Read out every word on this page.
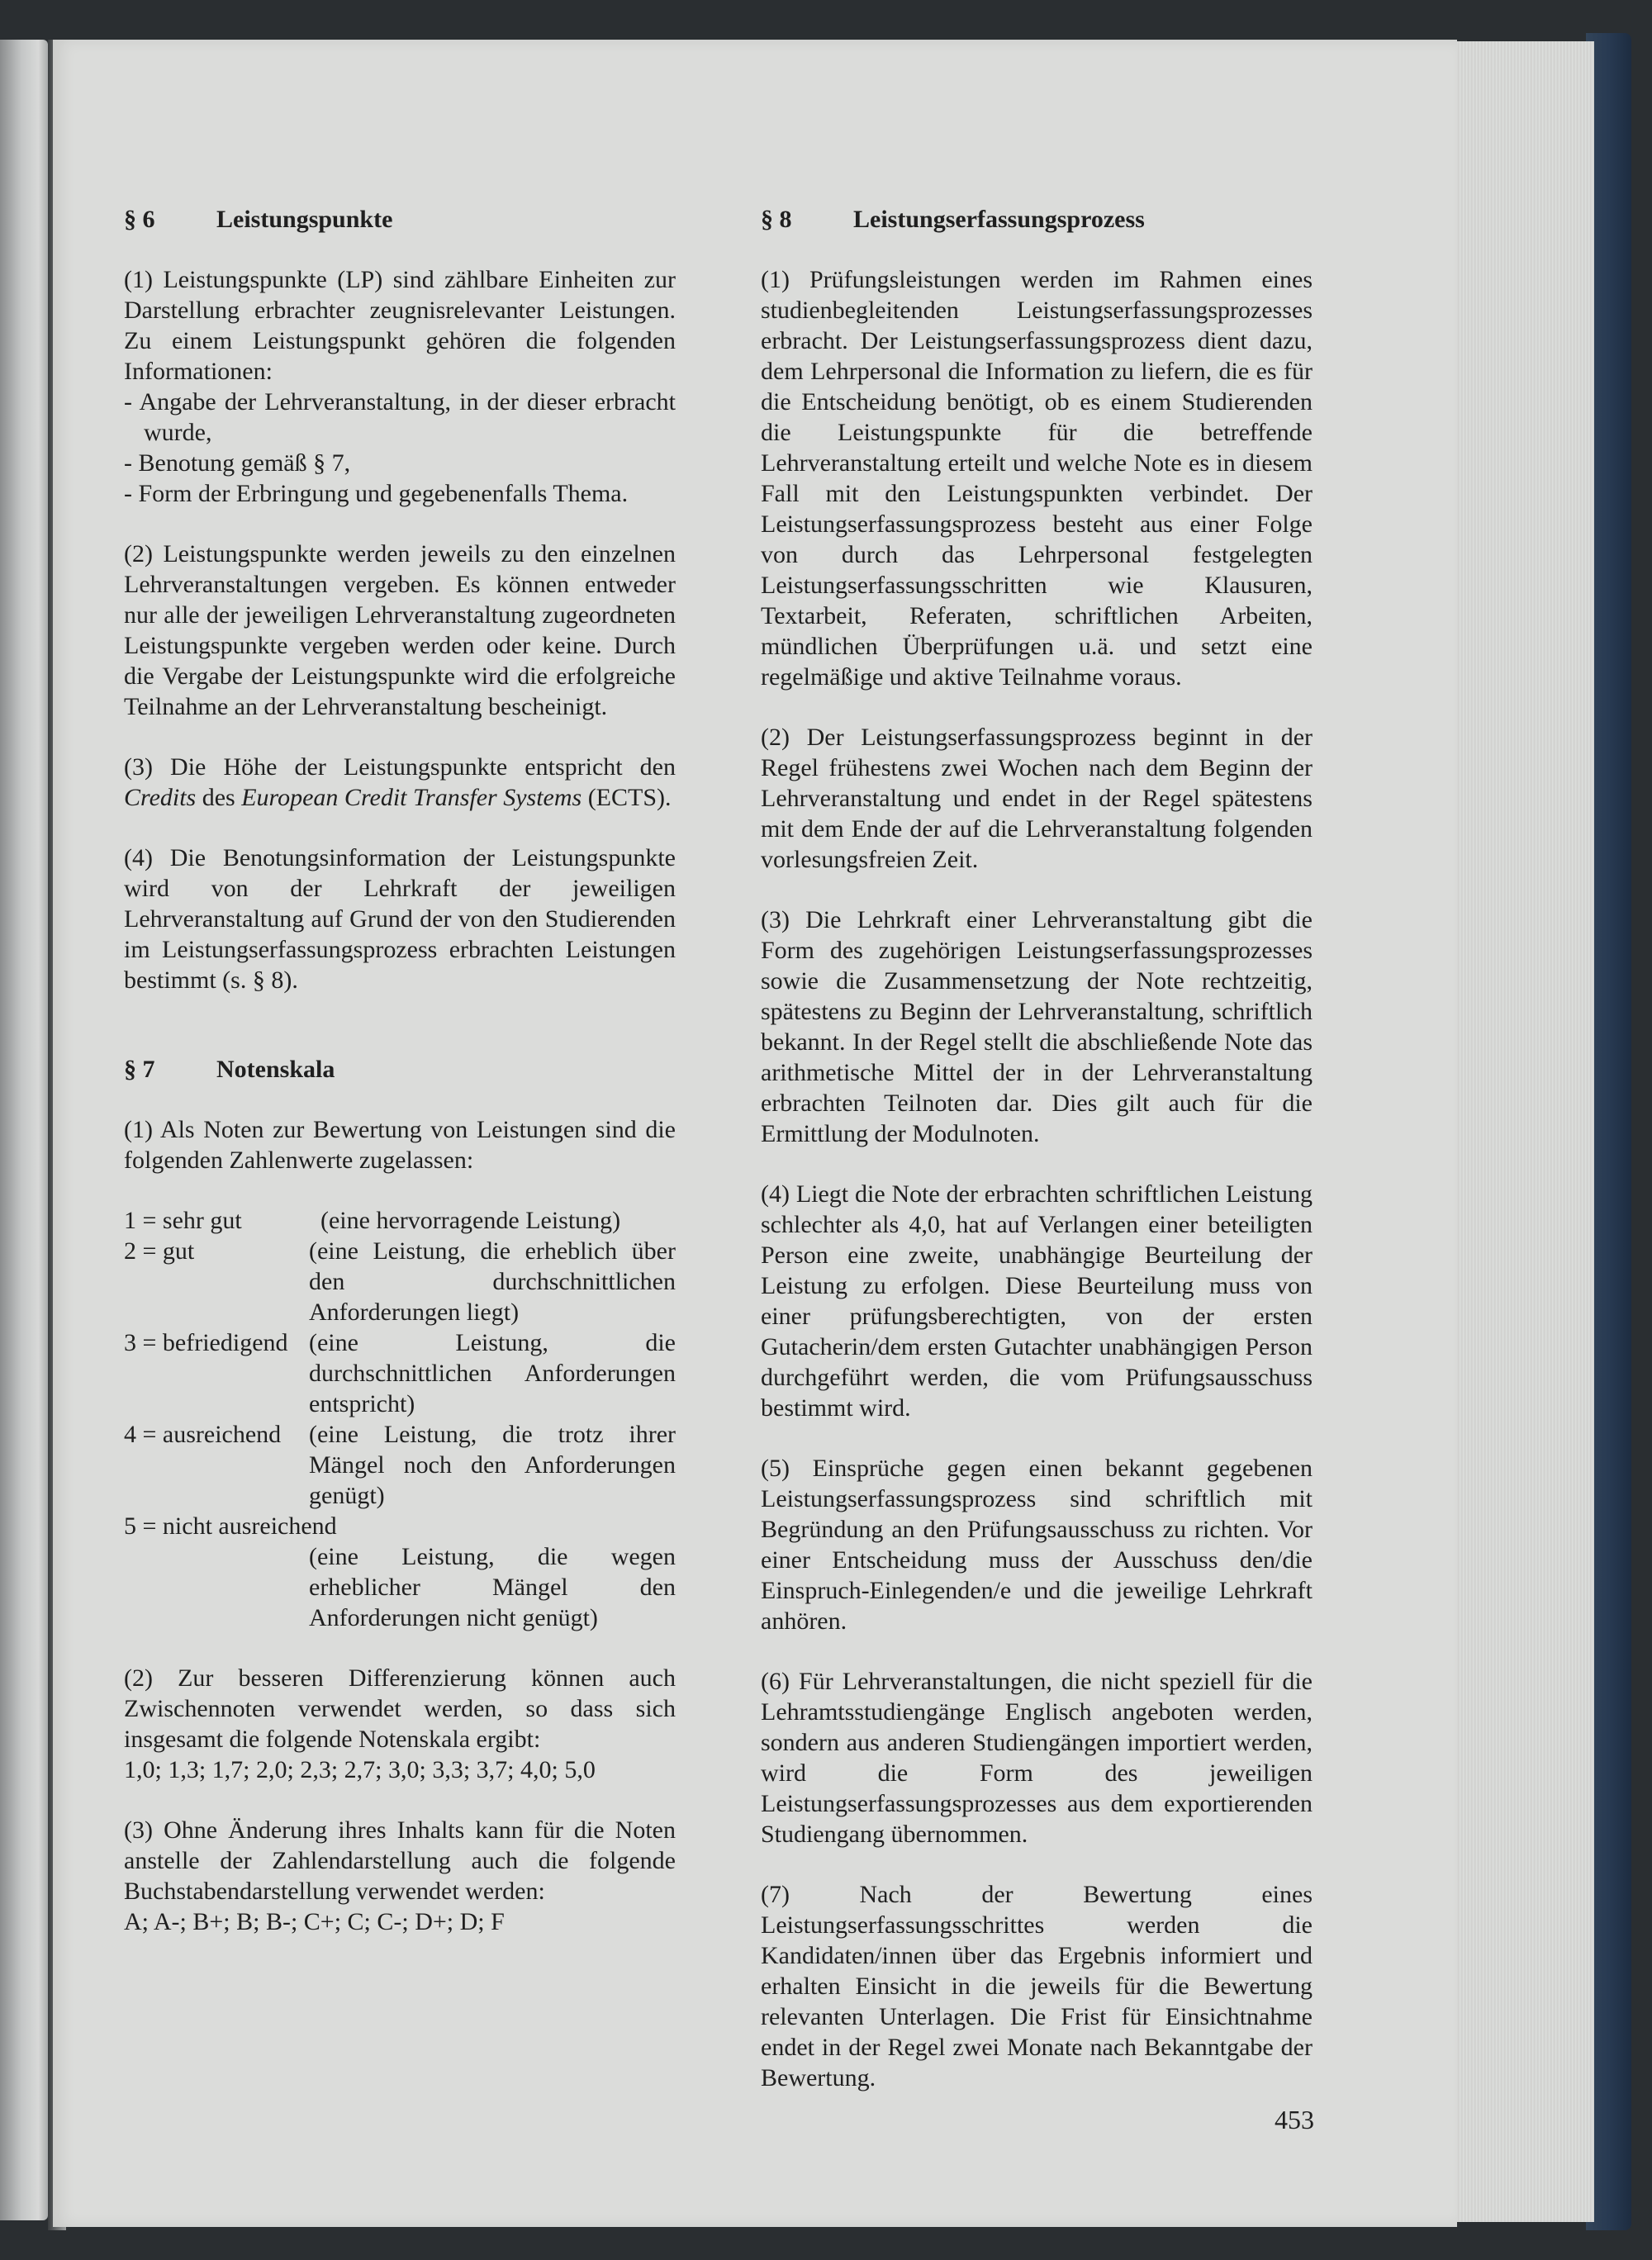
§ 6	Leistungspunkte
(1) Leistungspunkte (LP) sind zählbare Einheiten zur Darstellung erbrachter zeugnisrelevanter Leistungen. Zu einem Leistungspunkt gehören die folgenden Informationen:
- Angabe der Lehrveranstaltung, in der dieser erbracht wurde,
- Benotung gemäß § 7,
- Form der Erbringung und gegebenenfalls Thema.
(2) Leistungspunkte werden jeweils zu den einzelnen Lehrveranstaltungen vergeben. Es können entweder nur alle der jeweiligen Lehrveranstaltung zugeordneten Leistungspunkte vergeben werden oder keine. Durch die Vergabe der Leistungspunkte wird die erfolgreiche Teilnahme an der Lehrveranstaltung bescheinigt.
(3) Die Höhe der Leistungspunkte entspricht den Credits des European Credit Transfer Systems (ECTS).
(4) Die Benotungsinformation der Leistungspunkte wird von der Lehrkraft der jeweiligen Lehrveranstaltung auf Grund der von den Studierenden im Leistungserfassungsprozess erbrachten Leistungen bestimmt (s. § 8).
§ 7	Notenskala
(1) Als Noten zur Bewertung von Leistungen sind die folgenden Zahlenwerte zugelassen:
1 = sehr gut	(eine hervorragende Leistung)
2 = gut	(eine Leistung, die erheblich über den durchschnittlichen Anforderungen liegt)
3 = befriedigend (eine Leistung, die durchschnittlichen Anforderungen entspricht)
4 = ausreichend	(eine Leistung, die trotz ihrer Mängel noch den Anforderungen genügt)
5 = nicht ausreichend
(eine Leistung, die wegen erheblicher Mängel den Anforderungen nicht genügt)
(2) Zur besseren Differenzierung können auch Zwischennoten verwendet werden, so dass sich insgesamt die folgende Notenskala ergibt:
1,0; 1,3; 1,7; 2,0; 2,3; 2,7; 3,0; 3,3; 3,7; 4,0; 5,0
(3) Ohne Änderung ihres Inhalts kann für die Noten anstelle der Zahlendarstellung auch die folgende Buchstabendarstellung verwendet werden:
A; A-; B+; B; B-; C+; C; C-; D+; D; F
§ 8	Leistungserfassungsprozess
(1) Prüfungsleistungen werden im Rahmen eines studienbegleitenden Leistungserfassungsprozesses erbracht. Der Leistungserfassungsprozess dient dazu, dem Lehrpersonal die Information zu liefern, die es für die Entscheidung benötigt, ob es einem Studierenden die Leistungspunkte für die betreffende Lehrveranstaltung erteilt und welche Note es in diesem Fall mit den Leistungspunkten verbindet. Der Leistungserfassungsprozess besteht aus einer Folge von durch das Lehrpersonal festgelegten Leistungserfassungsschritten wie Klausuren, Textarbeit, Referaten, schriftlichen Arbeiten, mündlichen Überprüfungen u.ä. und setzt eine regelmäßige und aktive Teilnahme voraus.
(2) Der Leistungserfassungsprozess beginnt in der Regel frühestens zwei Wochen nach dem Beginn der Lehrveranstaltung und endet in der Regel spätestens mit dem Ende der auf die Lehrveranstaltung folgenden vorlesungsfreien Zeit.
(3) Die Lehrkraft einer Lehrveranstaltung gibt die Form des zugehörigen Leistungserfassungsprozesses sowie die Zusammensetzung der Note rechtzeitig, spätestens zu Beginn der Lehrveranstaltung, schriftlich bekannt. In der Regel stellt die abschließende Note das arithmetische Mittel der in der Lehrveranstaltung erbrachten Teilnoten dar. Dies gilt auch für die Ermittlung der Modulnoten.
(4) Liegt die Note der erbrachten schriftlichen Leistung schlechter als 4,0, hat auf Verlangen einer beteiligten Person eine zweite, unabhängige Beurteilung der Leistung zu erfolgen. Diese Beurteilung muss von einer prüfungsberechtigten, von der ersten Gutacherin/dem ersten Gutachter unabhängigen Person durchgeführt werden, die vom Prüfungsausschuss bestimmt wird.
(5) Einsprüche gegen einen bekannt gegebenen Leistungserfassungsprozess sind schriftlich mit Begründung an den Prüfungsausschuss zu richten. Vor einer Entscheidung muss der Ausschuss den/die Einspruch-Einlegenden/e und die jeweilige Lehrkraft anhören.
(6) Für Lehrveranstaltungen, die nicht speziell für die Lehramtsstudiengänge Englisch angeboten werden, sondern aus anderen Studiengängen importiert werden, wird die Form des jeweiligen Leistungserfassungsprozesses aus dem exportierenden Studiengang übernommen.
(7) Nach der Bewertung eines Leistungserfassungsschrittes werden die Kandidaten/innen über das Ergebnis informiert und erhalten Einsicht in die jeweils für die Bewertung relevanten Unterlagen. Die Frist für Einsichtnahme endet in der Regel zwei Monate nach Bekanntgabe der Bewertung.
453
